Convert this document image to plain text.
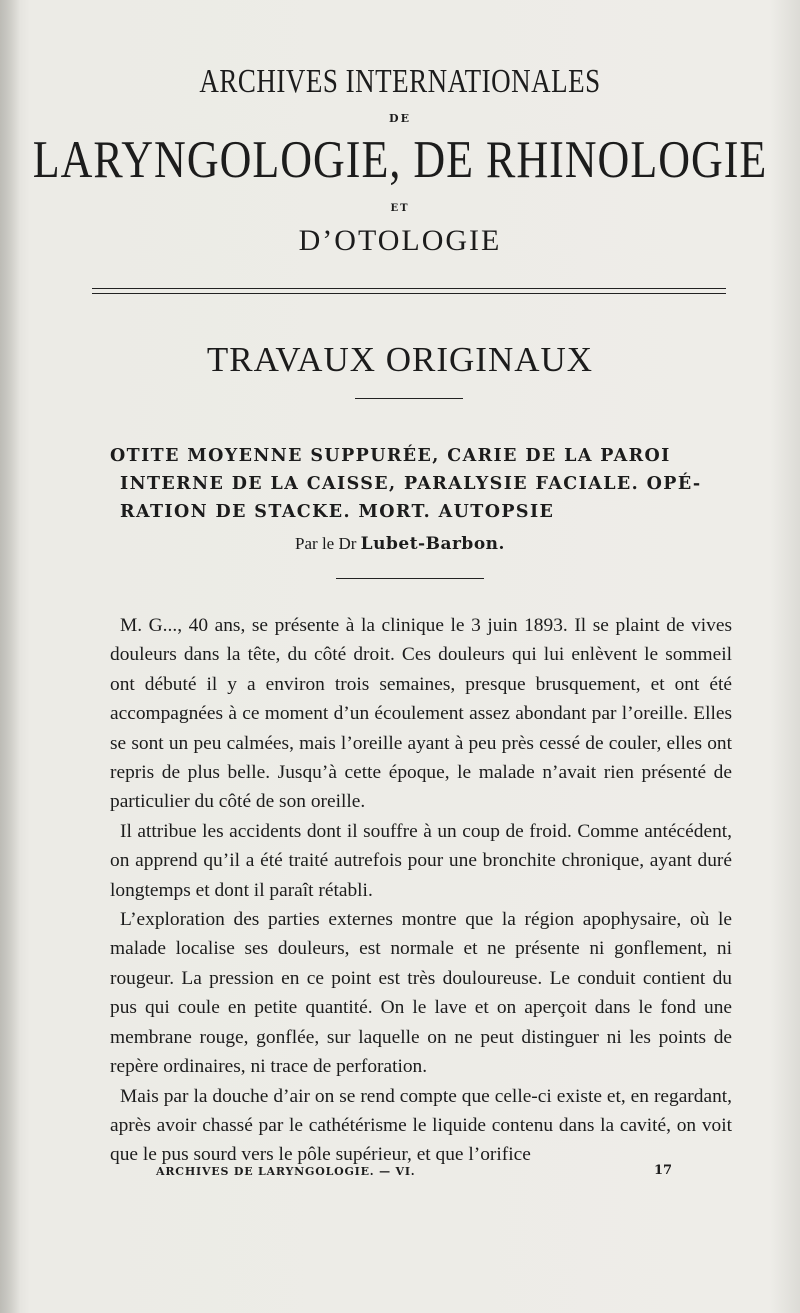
ARCHIVES INTERNATIONALES
DE
LARYNGOLOGIE, DE RHINOLOGIE
ET
D’OTOLOGIE
TRAVAUX ORIGINAUX
OTITE MOYENNE SUPPURÉE, CARIE DE LA PAROI
INTERNE DE LA CAISSE, PARALYSIE FACIALE. OPÉ-
RATION DE STACKE. MORT. AUTOPSIE
Par le Dr Lubet-Barbon.

M. G..., 40 ans, se présente à la clinique le 3 juin 1893. Il se plaint de vives douleurs dans la tête, du côté droit. Ces douleurs qui lui enlèvent le sommeil ont débuté il y a environ trois semaines, presque brusquement, et ont été accompagnées à ce moment d’un écoulement assez abondant par l’oreille. Elles se sont un peu calmées, mais l’oreille ayant à peu près cessé de couler, elles ont repris de plus belle. Jusqu’à cette époque, le malade n’avait rien présenté de particulier du côté de son oreille.

Il attribue les accidents dont il souffre à un coup de froid. Comme antécédent, on apprend qu’il a été traité autrefois pour une bronchite chronique, ayant duré longtemps et dont il paraît rétabli.

L’exploration des parties externes montre que la région apophysaire, où le malade localise ses douleurs, est normale et ne présente ni gonflement, ni rougeur. La pression en ce point est très douloureuse. Le conduit contient du pus qui coule en petite quantité. On le lave et on aperçoit dans le fond une membrane rouge, gonflée, sur laquelle on ne peut distinguer ni les points de repère ordinaires, ni trace de perforation.

Mais par la douche d’air on se rend compte que celle-ci existe et, en regardant, après avoir chassé par le cathétérisme le liquide contenu dans la cavité, on voit que le pus sourd vers le pôle supérieur, et que l’orifice

ARCHIVES DE LARYNGOLOGIE. — VI.	17
